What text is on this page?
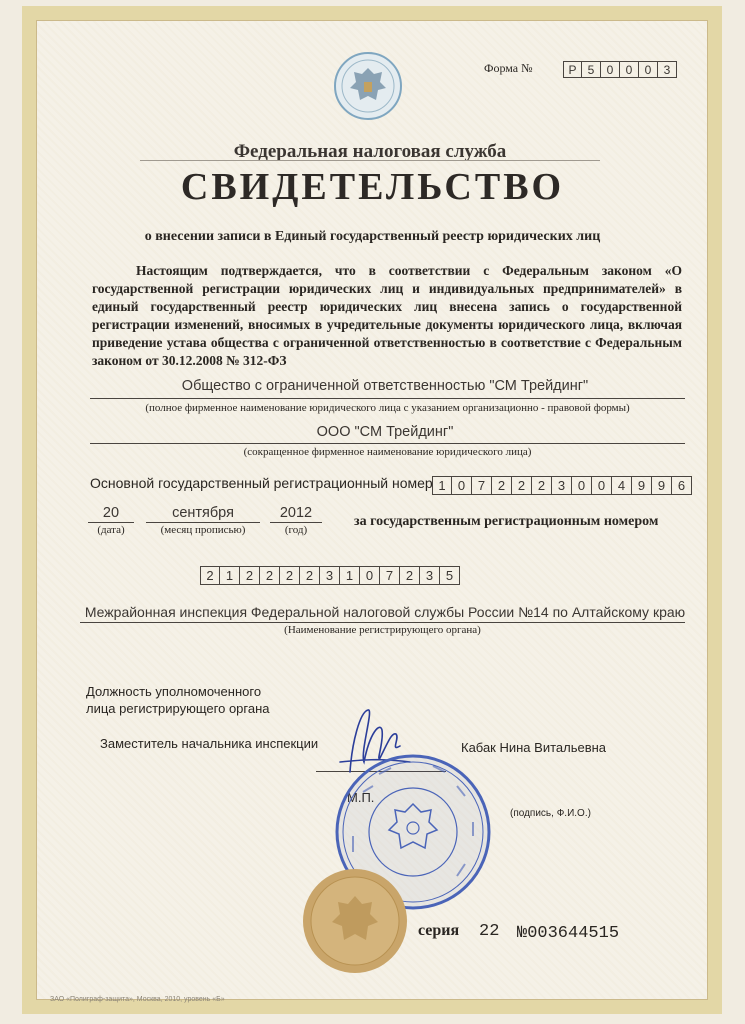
Форма №	Р 5	0	0	0	3
Федеральная налоговая служба
СВИДЕТЕЛЬСТВО
о внесении записи в Единый государственный реестр юридических лиц
Настоящим подтверждается, что в соответствии с Федеральным законом «О государственной регистрации юридических лиц и индивидуальных предпринимателей» в единый государственный реестр юридических лиц внесена запись о государственной регистрации изменений, вносимых в учредительные документы юридического лица, включая приведение устава общества с ограниченной ответственностью в соответствие с Федеральным законом от 30.12.2008 № 312-ФЗ
Общество с ограниченной ответственностью "СМ Трейдинг"
(полное фирменное наименование юридического лица с указанием организационно - правовой формы)
ООО "СМ Трейдинг"
(сокращенное фирменное наименование юридического лица)
Основной государственный регистрационный номер 1 0 7 2 2 2 3 0 0 4 9 9 6
20
(дата)
сентября
(месяц прописью)
2012
(год)
за государственным регистрационным номером
2 1 2 2 2 2 3 1 0 7 2 3 5
Межрайонная инспекция Федеральной налоговой службы России №14 по Алтайскому краю
(Наименование регистрирующего органа)
Должность уполномоченного
лица регистрирующего органа
Заместитель начальника инспекции	Кабак Нина Витальевна
(подпись, Ф.И.О.)
серия 22 №003644515
ЗАО «Полиграф-защита», Москва, 2010, уровень «Б»
